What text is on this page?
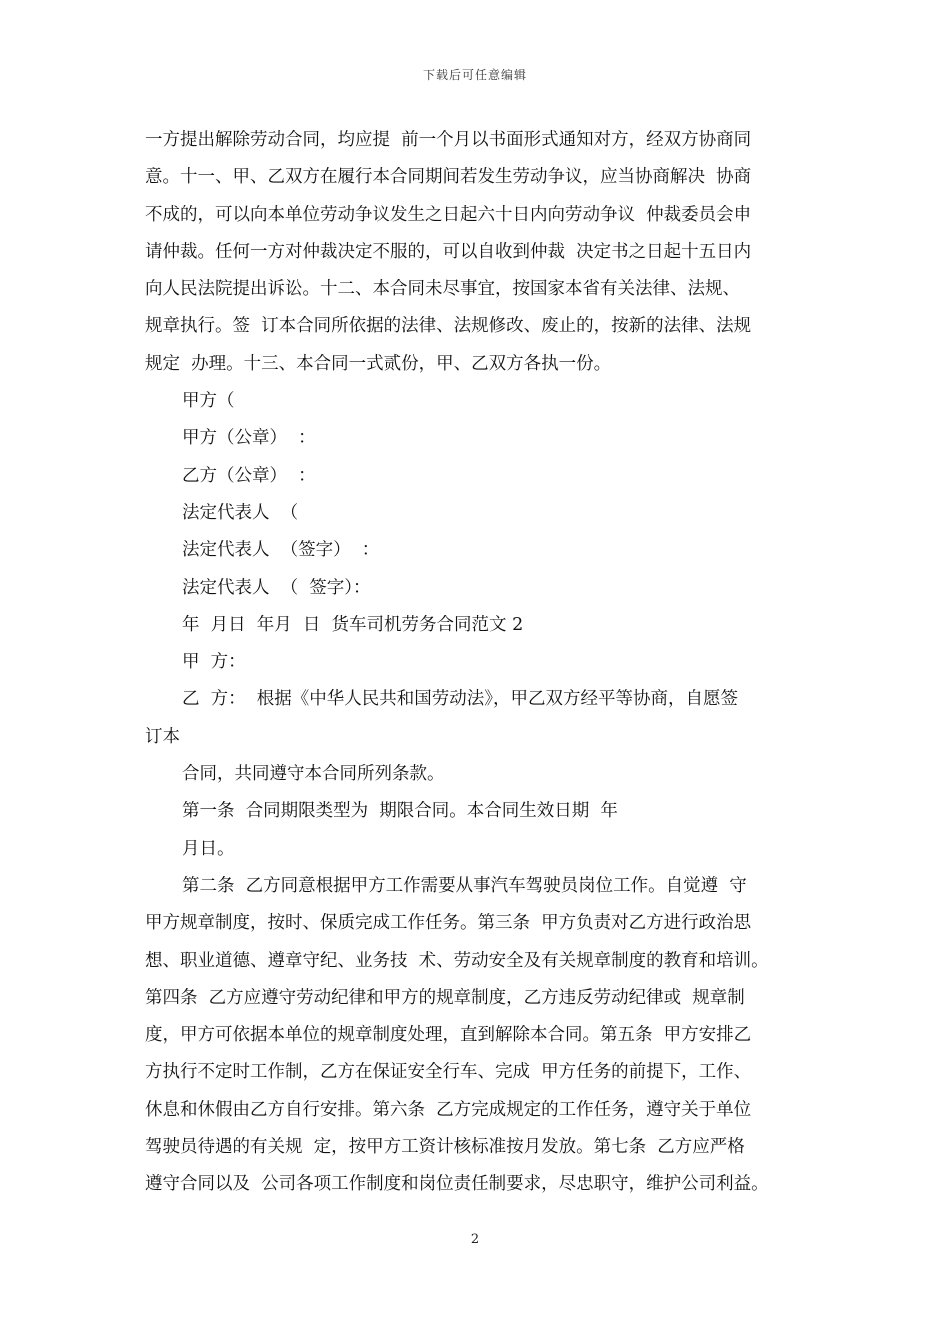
下载后可任意编辑
一方提出解除劳动合同，均应提  前一个月以书面形式通知对方，经双方协商同
意。十一、甲、乙双方在履行本合同期间若发生劳动争议，应当协商解决  协商
不成的，可以向本单位劳动争议发生之日起六十日内向劳动争议  仲裁委员会申
请仲裁。任何一方对仲裁决定不服的，可以自收到仲裁  决定书之日起十五日内
向人民法院提出诉讼。十二、本合同未尽事宜，按国家本省有关法律、法规、
规章执行。签  订本合同所依据的法律、法规修改、废止的，按新的法律、法规
规定  办理。十三、本合同一式贰份，甲、乙双方各执一份。
甲方（
甲方（公章）  ：
乙方（公章）  ：
法定代表人  （
法定代表人  （签字）  ：
法定代表人  （  签字）：
年  月日  年月  日  货车司机劳务合同范文 2
甲  方：
乙  方：  根据《中华人民共和国劳动法》，甲乙双方经平等协商，自愿签
订本
合同，共同遵守本合同所列条款。
第一条  合同期限类型为  期限合同。本合同生效日期  年
月日。
第二条  乙方同意根据甲方工作需要从事汽车驾驶员岗位工作。自觉遵  守
甲方规章制度，按时、保质完成工作任务。第三条  甲方负责对乙方进行政治思
想、职业道德、遵章守纪、业务技  术、劳动安全及有关规章制度的教育和培训。
第四条  乙方应遵守劳动纪律和甲方的规章制度，乙方违反劳动纪律或  规章制
度，甲方可依据本单位的规章制度处理，直到解除本合同。第五条  甲方安排乙
方执行不定时工作制，乙方在保证安全行车、完成  甲方任务的前提下，工作、
休息和休假由乙方自行安排。第六条  乙方完成规定的工作任务，遵守关于单位
驾驶员待遇的有关规  定，按甲方工资计核标准按月发放。第七条  乙方应严格
遵守合同以及  公司各项工作制度和岗位责任制要求，尽忠职守，维护公司利益。
2
